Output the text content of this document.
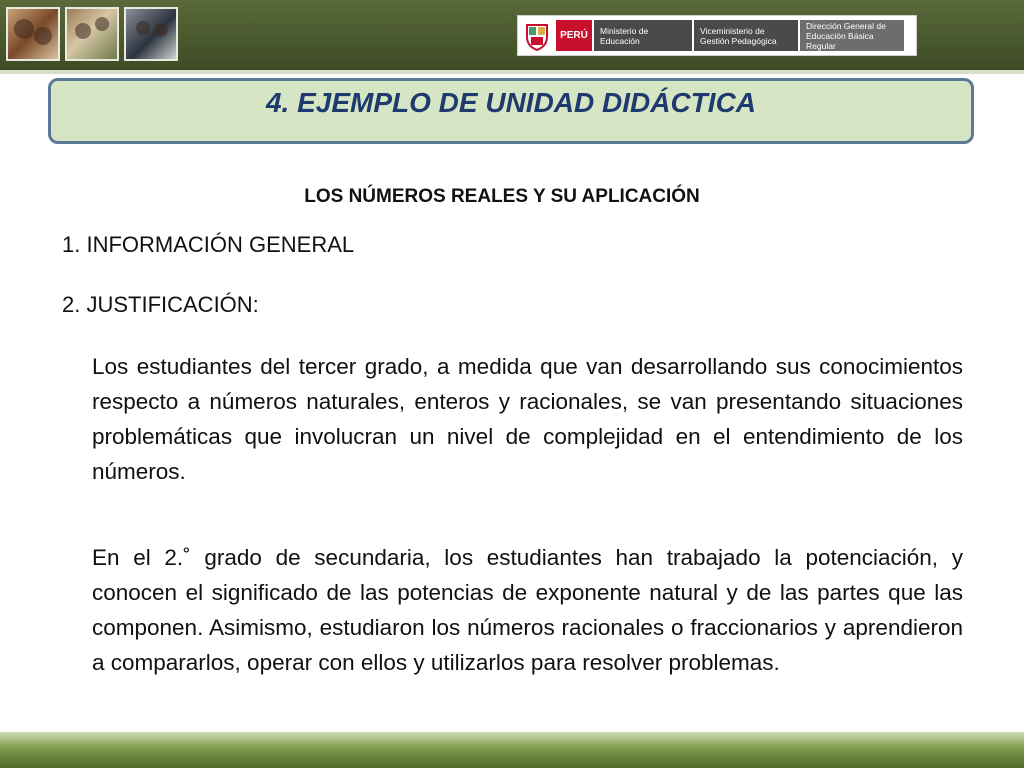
PERÚ	Ministerio de Educación
Viceministerio de Gestión Pedagógica
Dirección General de Educación Básica Regular
4. EJEMPLO DE UNIDAD DIDÁCTICA
LOS NÚMEROS REALES Y SU APLICACIÓN
1. INFORMACIÓN GENERAL
2. JUSTIFICACIÓN:

Los estudiantes del tercer grado, a medida que van desarrollando sus conocimientos respecto a números naturales, enteros y racionales, se van presentando situaciones problemáticas que involucran un nivel de complejidad en el entendimiento de los números.

En el 2.˚ grado de secundaria, los estudiantes han trabajado la potenciación, y conocen el significado de las potencias de exponente natural y de las partes que las componen. Asimismo, estudiaron los números racionales o fraccionarios y aprendieron a compararlos, operar con ellos y utilizarlos para resolver problemas.
